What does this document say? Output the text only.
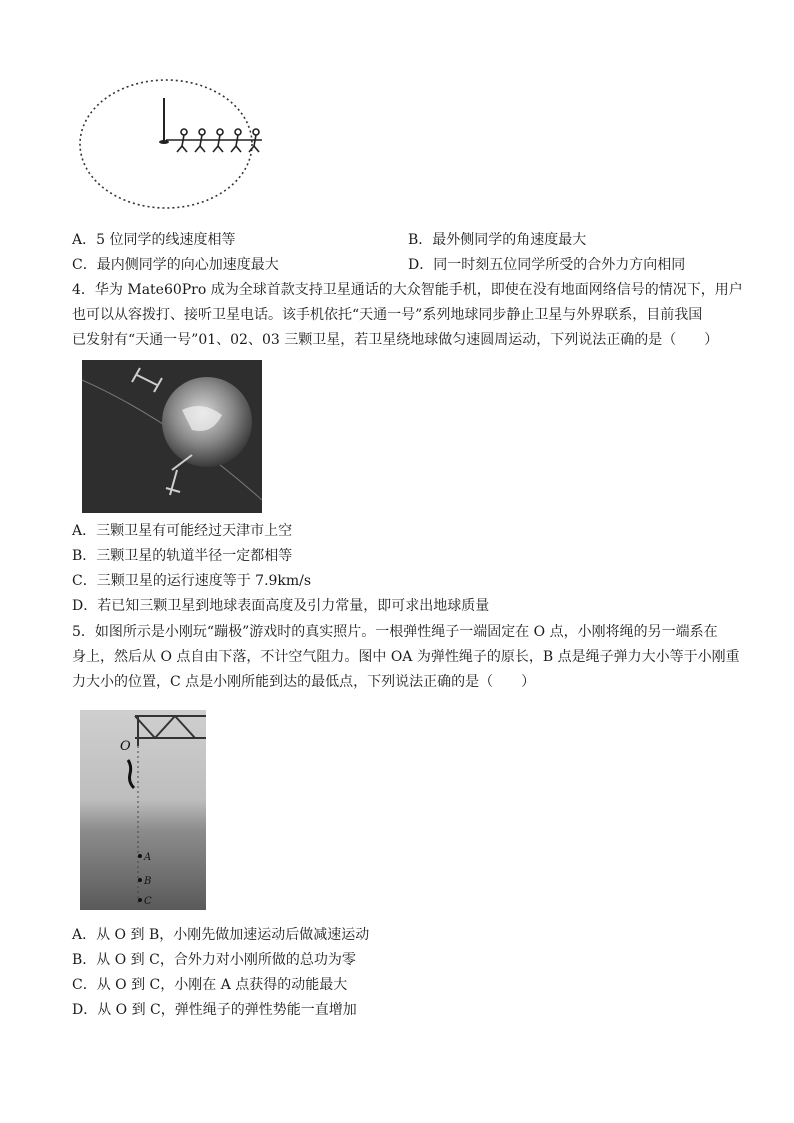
A．5 位同学的线速度相等	B．最外侧同学的角速度最大
C．最内侧同学的向心加速度最大	D．同一时刻五位同学所受的合外力方向相同
4．华为 Mate60Pro 成为全球首款支持卫星通话的大众智能手机，即使在没有地面网络信号的情况下，用户
也可以从容拨打、接听卫星电话。该手机依托“天通一号”系列地球同步静止卫星与外界联系，目前我国
已发射有“天通一号”01、02、03 三颗卫星，若卫星绕地球做匀速圆周运动，下列说法正确的是（　　）
A．三颗卫星有可能经过天津市上空
B．三颗卫星的轨道半径一定都相等
C．三颗卫星的运行速度等于 7.9km/s
D．若已知三颗卫星到地球表面高度及引力常量，即可求出地球质量
5．如图所示是小刚玩“蹦极”游戏时的真实照片。一根弹性绳子一端固定在 O 点，小刚将绳的另一端系在
身上，然后从 O 点自由下落，不计空气阻力。图中 OA 为弹性绳子的原长，B 点是绳子弹力大小等于小刚重
力大小的位置，C 点是小刚所能到达的最低点，下列说法正确的是（　　）
O
A
B
C
A．从 O 到 B，小刚先做加速运动后做减速运动
B．从 O 到 C，合外力对小刚所做的总功为零
C．从 O 到 C，小刚在 A 点获得的动能最大
D．从 O 到 C，弹性绳子的弹性势能一直增加
